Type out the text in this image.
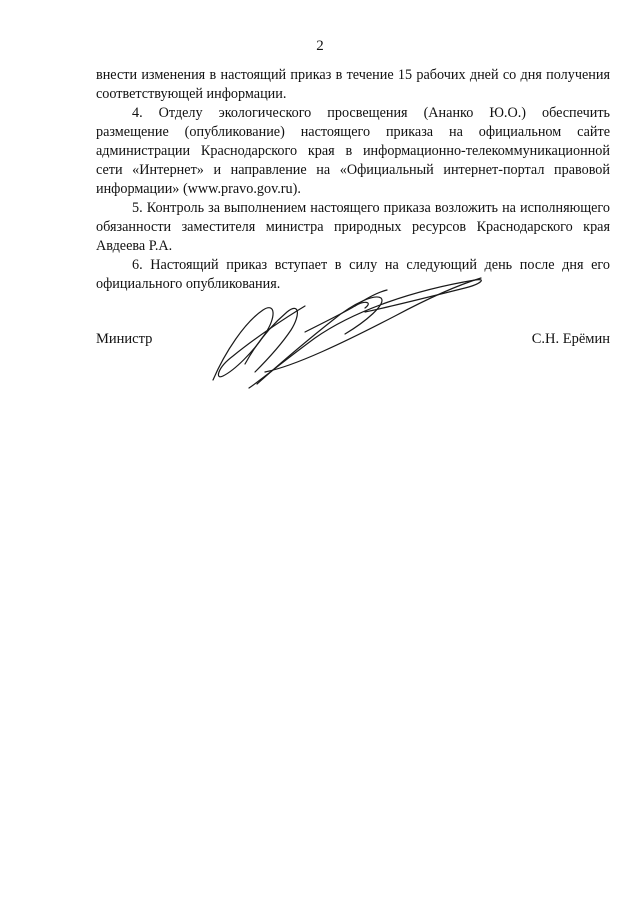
2

внести изменения в настоящий приказ в течение 15 рабочих дней со дня получения соответствующей информации.

4. Отделу экологического просвещения (Ананко Ю.О.) обеспечить размещение (опубликование) настоящего приказа на официальном сайте администрации Краснодарского края в информационно-телекоммуникационной сети «Интернет» и направление на «Официальный интернет-портал правовой информации» (www.pravo.gov.ru).

5. Контроль за выполнением настоящего приказа возложить на исполняющего обязанности заместителя министра природных ресурсов Краснодарского края Авдеева Р.А.

6. Настоящий приказ вступает в силу на следующий день после дня его официального опубликования.

Министр	С.Н. Ерёмин
